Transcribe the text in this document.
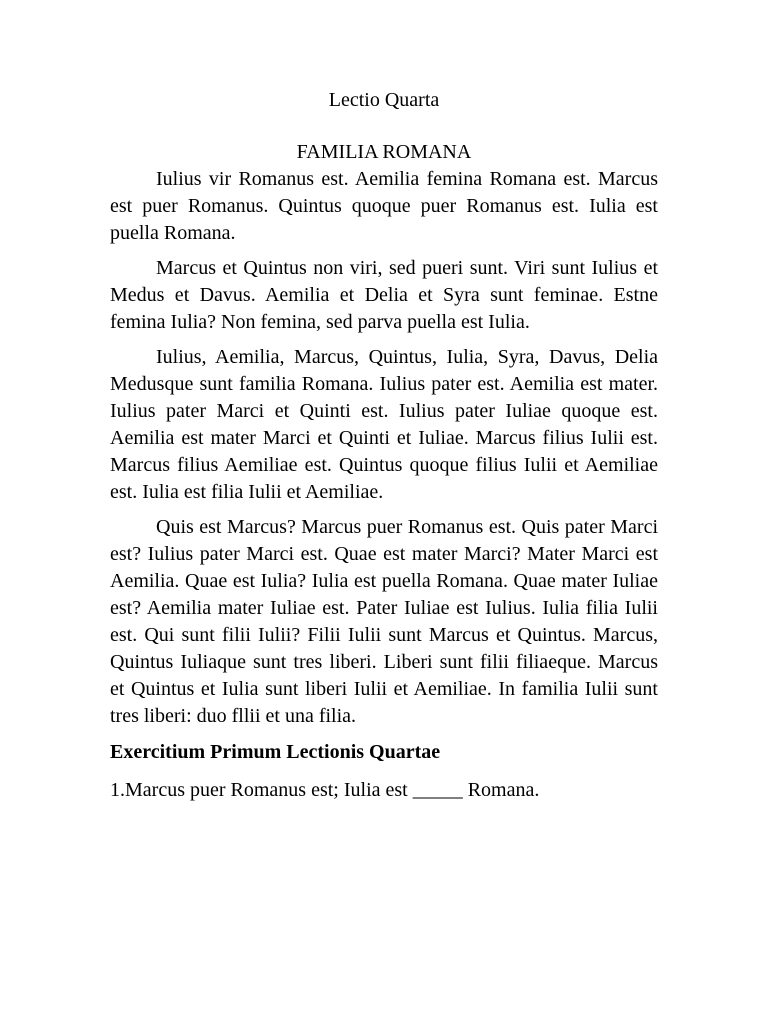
Lectio Quarta
FAMILIA ROMANA

Iulius vir Romanus est. Aemilia femina Romana est. Marcus est puer Romanus. Quintus quoque puer Romanus est. Iulia est puella Romana.

Marcus et Quintus non viri, sed pueri sunt. Viri sunt Iulius et Medus et Davus. Aemilia et Delia et Syra sunt feminae. Estne femina Iulia? Non femina, sed parva puella est Iulia.

Iulius, Aemilia, Marcus, Quintus, Iulia, Syra, Davus, Delia Medusque sunt familia Romana. Iulius pater est. Aemilia est mater. Iulius pater Marci et Quinti est. Iulius pater Iuliae quoque est. Aemilia est mater Marci et Quinti et Iuliae. Marcus filius Iulii est. Marcus filius Aemiliae est. Quintus quoque filius Iulii et Aemiliae est. Iulia est filia Iulii et Aemiliae.

Quis est Marcus? Marcus puer Romanus est. Quis pater Marci est? Iulius pater Marci est. Quae est mater Marci? Mater Marci est Aemilia. Quae est Iulia? Iulia est puella Romana. Quae mater Iuliae est? Aemilia mater Iuliae est. Pater Iuliae est Iulius. Iulia filia Iulii est. Qui sunt filii Iulii? Filii Iulii sunt Marcus et Quintus. Marcus, Quintus Iuliaque sunt tres liberi. Liberi sunt filii filiaeque. Marcus et Quintus et Iulia sunt liberi Iulii et Aemiliae. In familia Iulii sunt tres liberi: duo fllii et una filia.

Exercitium Primum Lectionis Quartae
1.Marcus puer Romanus est; Iulia est _____ Romana.
